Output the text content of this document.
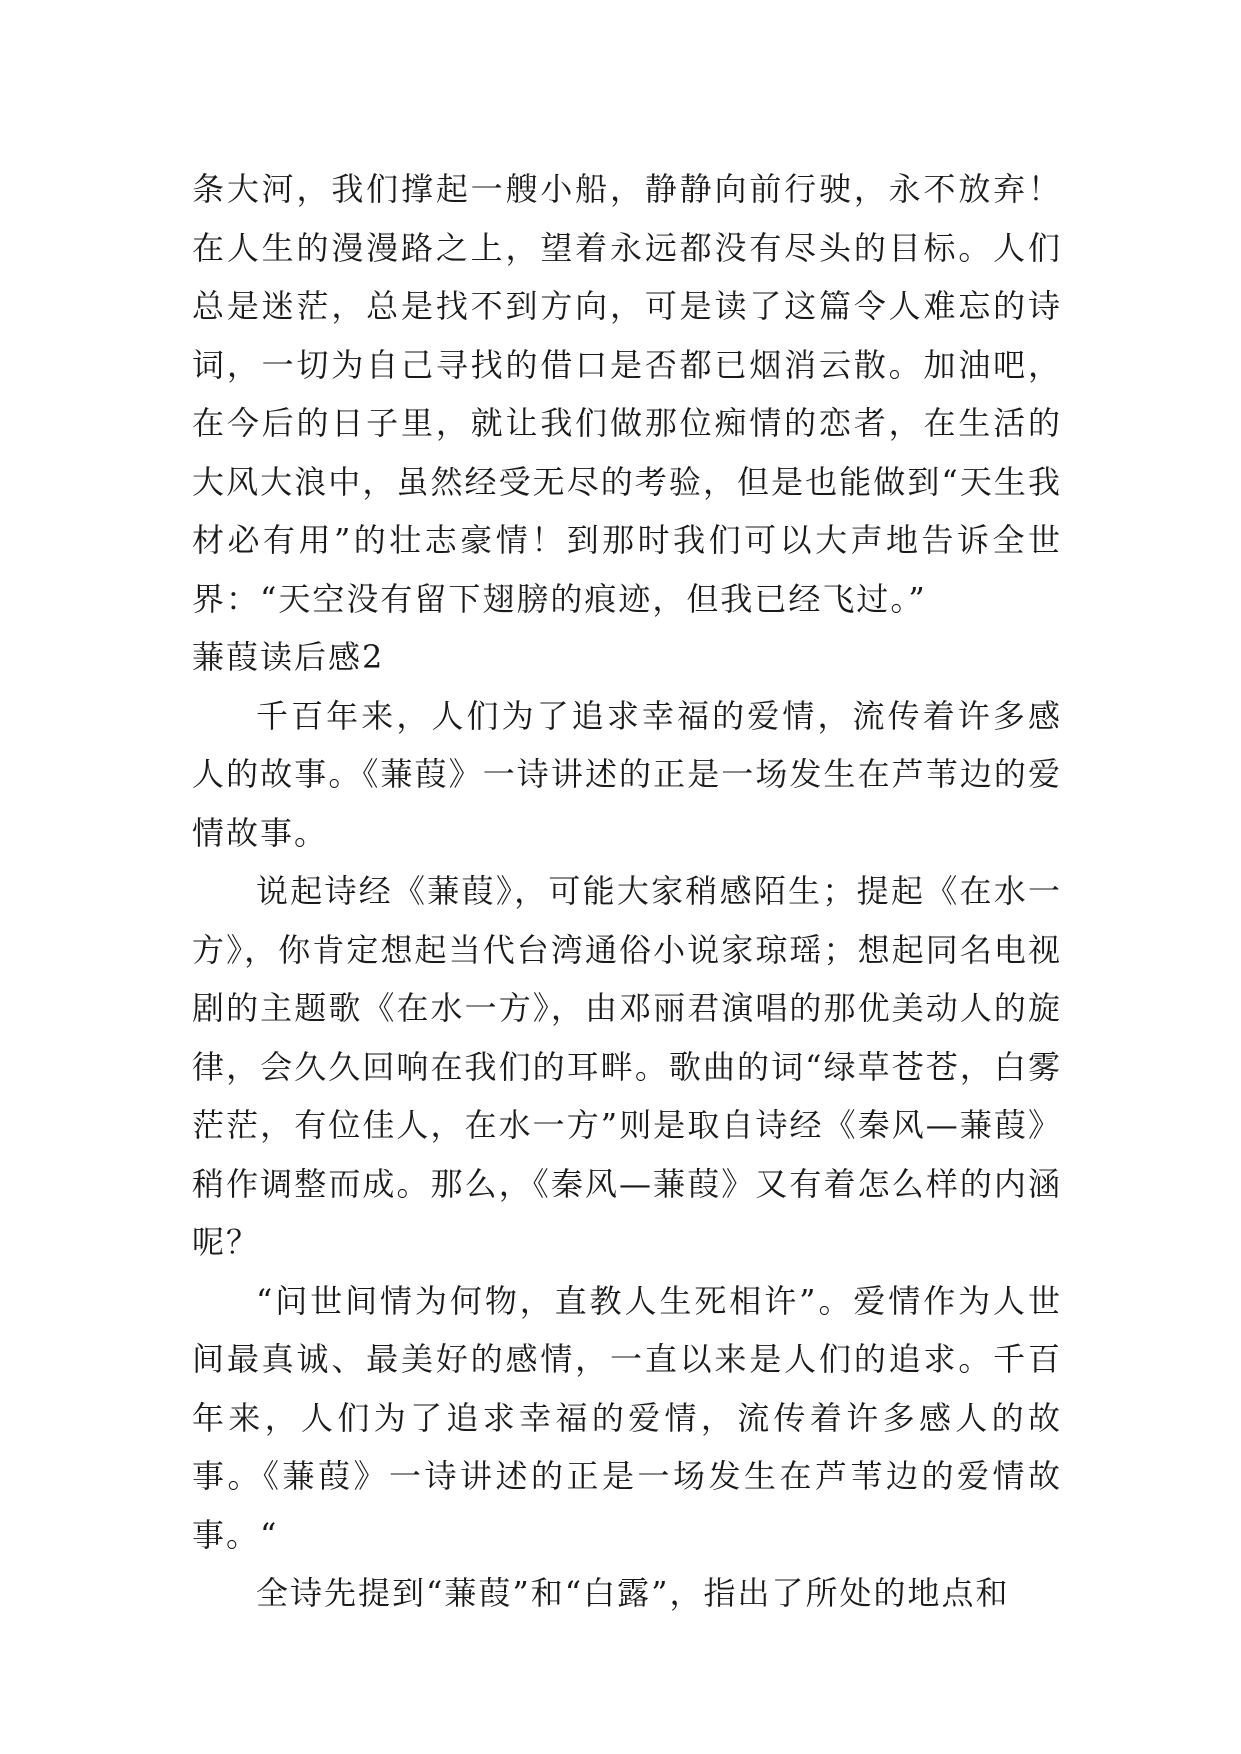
条大河，我们撑起一艘小船，静静向前行驶，永不放弃！在人生的漫漫路之上，望着永远都没有尽头的目标。人们总是迷茫，总是找不到方向，可是读了这篇令人难忘的诗词，一切为自己寻找的借口是否都已烟消云散。加油吧，在今后的日子里，就让我们做那位痴情的恋者，在生活的大风大浪中，虽然经受无尽的考验，但是也能做到“天生我材必有用”的壮志豪情！到那时我们可以大声地告诉全世界：“天空没有留下翅膀的痕迹，但我已经飞过。”

蒹葭读后感2

千百年来，人们为了追求幸福的爱情，流传着许多感人的故事。《蒹葭》一诗讲述的正是一场发生在芦苇边的爱情故事。

说起诗经《蒹葭》，可能大家稍感陌生；提起《在水一方》，你肯定想起当代台湾通俗小说家琼瑶；想起同名电视剧的主题歌《在水一方》，由邓丽君演唱的那优美动人的旋律，会久久回响在我们的耳畔。歌曲的词“绿草苍苍，白雾茫茫，有位佳人，在水一方”则是取自诗经《秦风—蒹葭》稍作调整而成。那么，《秦风—蒹葭》又有着怎么样的内涵呢？

“问世间情为何物，直教人生死相许”。爱情作为人世间最真诚、最美好的感情，一直以来是人们的追求。千百年来，人们为了追求幸福的爱情，流传着许多感人的故事。《蒹葭》一诗讲述的正是一场发生在芦苇边的爱情故事。“

全诗先提到“蒹葭”和“白露”，指出了所处的地点和
